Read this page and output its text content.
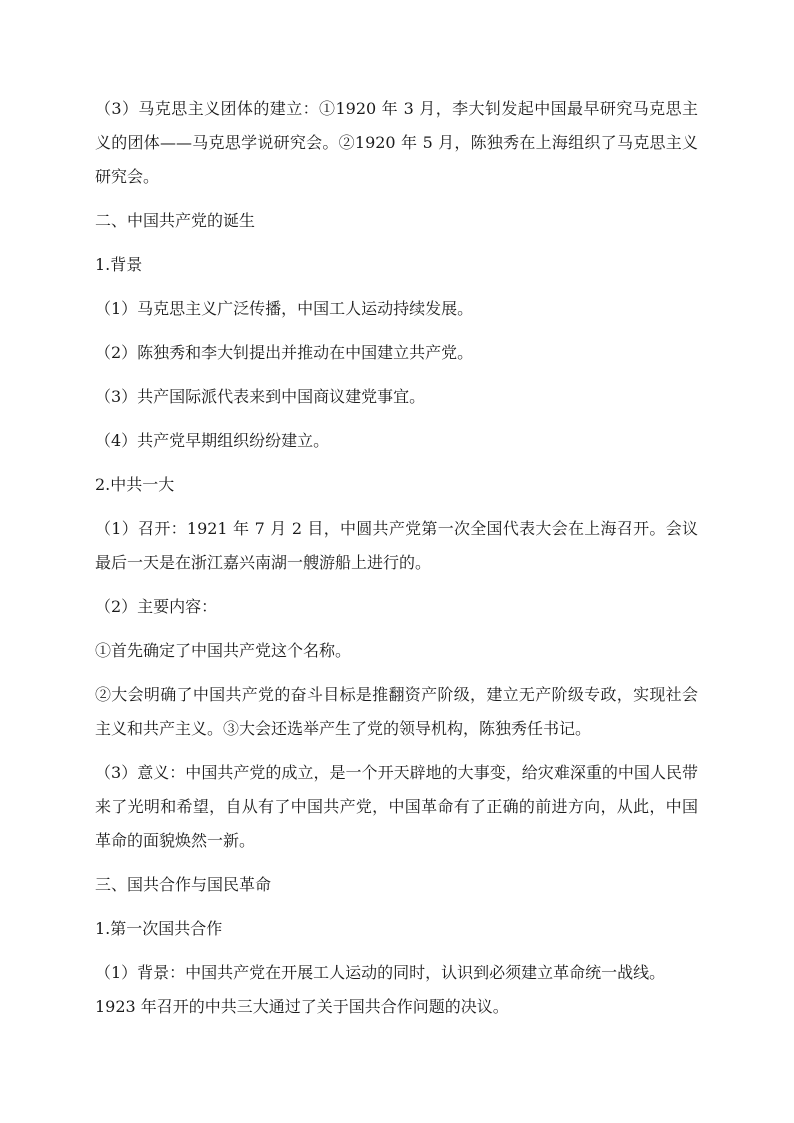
（3）马克思主义团体的建立：①1920 年 3 月，李大钊发起中国最早研究马克思主义的团体——马克思学说研究会。②1920 年 5 月，陈独秀在上海组织了马克思主义研究会。

二、中国共产党的诞生

1.背景

（1）马克思主义广泛传播，中国工人运动持续发展。

（2）陈独秀和李大钊提出并推动在中国建立共产党。

（3）共产国际派代表来到中国商议建党事宜。

（4）共产党早期组织纷纷建立。

2.中共一大

（1）召开：1921 年 7 月 2 目，中圆共产党第一次全国代表大会在上海召开。会议最后一天是在浙江嘉兴南湖一艘游船上进行的。

（2）主要内容：

①首先确定了中国共产党这个名称。

②大会明确了中国共产党的奋斗目标是推翻资产阶级，建立无产阶级专政，实现社会主义和共产主义。③大会还选举产生了党的领导机构，陈独秀任书记。

（3）意义：中国共产党的成立，是一个开天辟地的大事变，给灾难深重的中国人民带来了光明和希望，自从有了中国共产党，中国革命有了正确的前进方向，从此，中国革命的面貌焕然一新。

三、国共合作与国民革命

1.第一次国共合作

（1）背景：中国共产党在开展工人运动的同时，认识到必须建立革命统一战线。

1923 年召开的中共三大通过了关于国共合作问题的决议。
